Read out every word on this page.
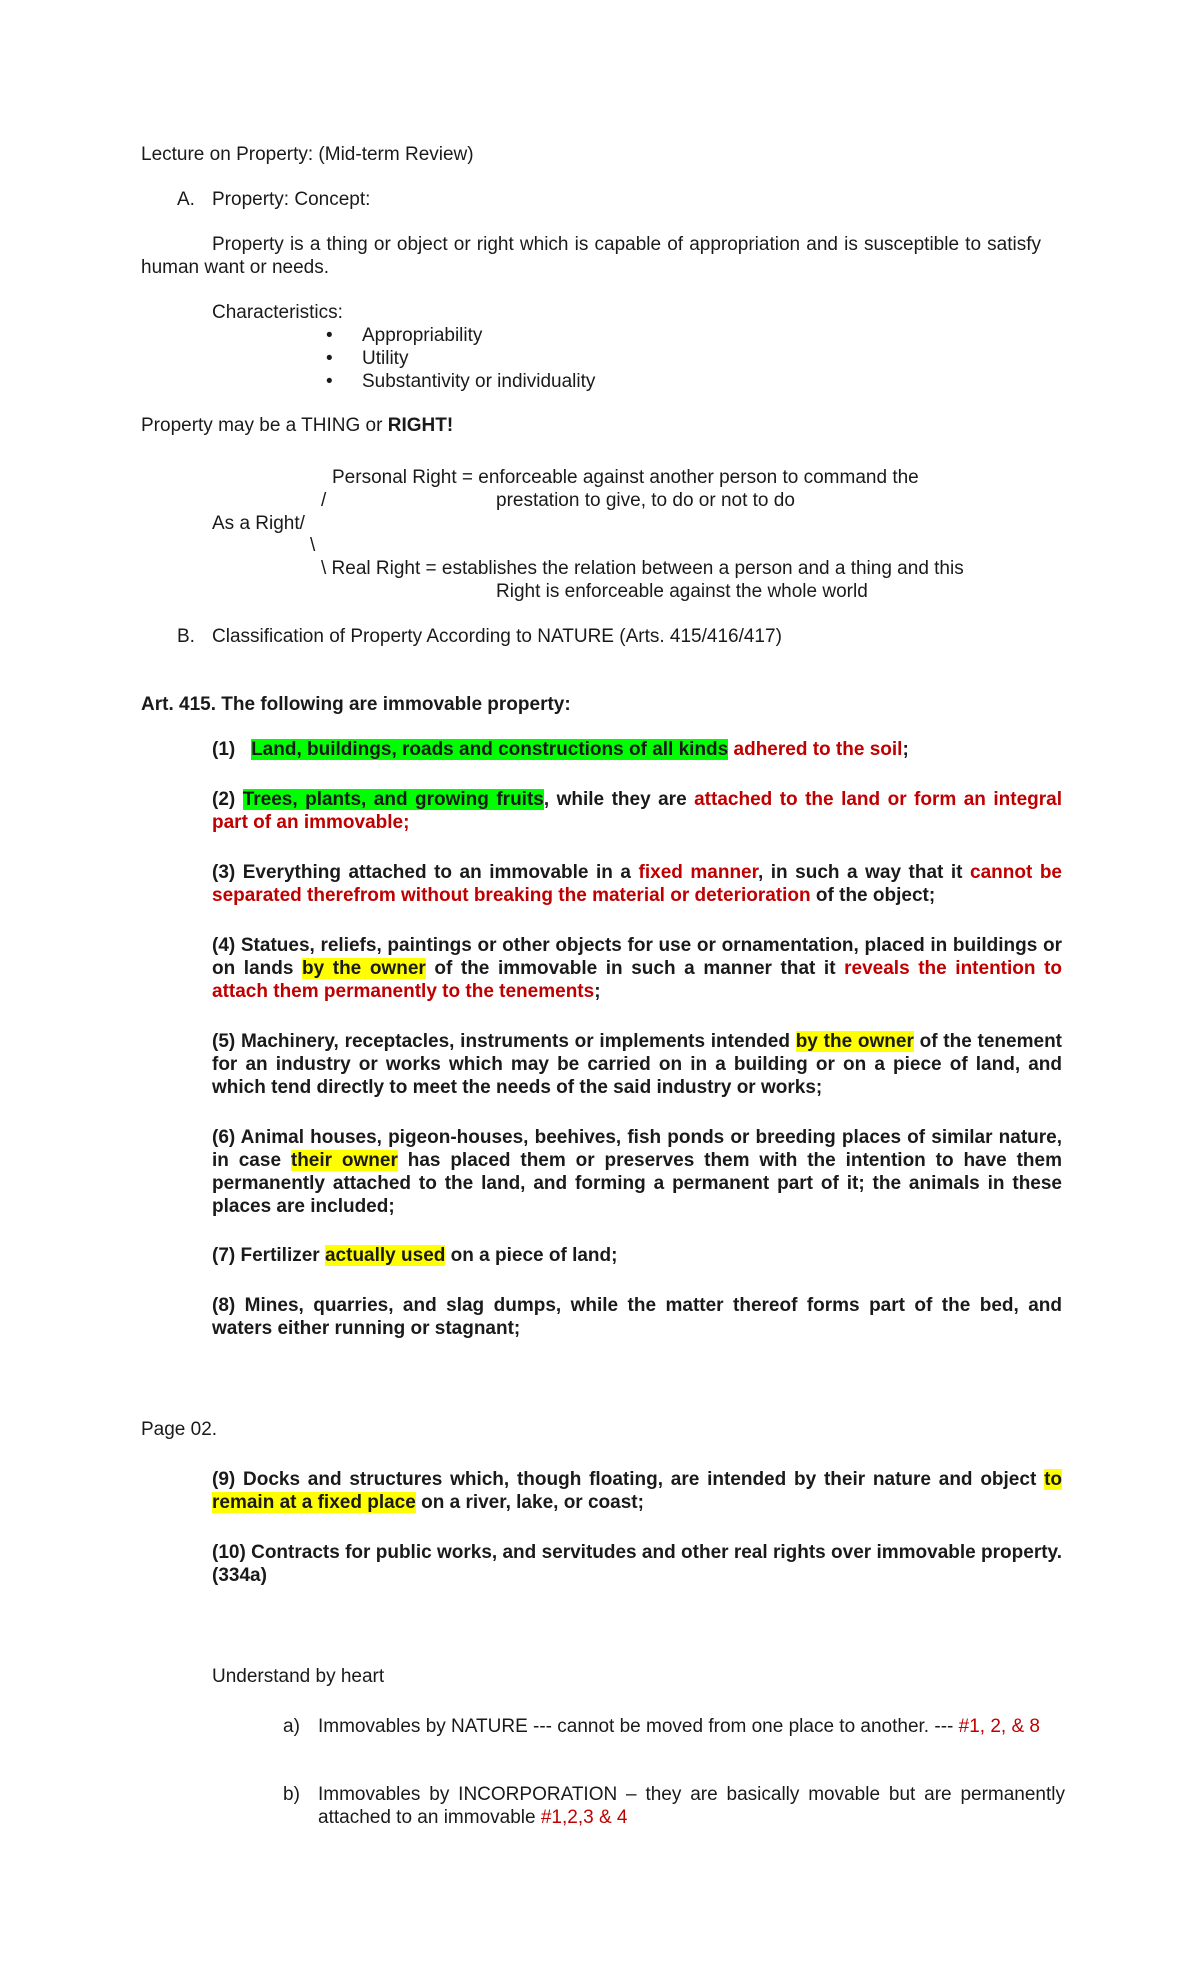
Lecture on Property: (Mid-term Review)
A. Property: Concept:
Property is a thing or object or right which is capable of appropriation and is susceptible to satisfy human want or needs.
Characteristics:
• Appropriability
• Utility
• Substantivity or individuality
Property may be a THING or RIGHT!
Personal Right = enforceable against another person to command the
/	prestation to give, to do or not to do
As a Right/
\
\ Real Right = establishes the relation between a person and a thing and this
Right is enforceable against the whole world
B. Classification of Property According to NATURE (Arts. 415/416/417)
Art. 415. The following are immovable property:
(1) Land, buildings, roads and constructions of all kinds adhered to the soil;
(2) Trees, plants, and growing fruits, while they are attached to the land or form an integral part of an immovable;
(3) Everything attached to an immovable in a fixed manner, in such a way that it cannot be separated therefrom without breaking the material or deterioration of the object;
(4) Statues, reliefs, paintings or other objects for use or ornamentation, placed in buildings or on lands by the owner of the immovable in such a manner that it reveals the intention to attach them permanently to the tenements;
(5) Machinery, receptacles, instruments or implements intended by the owner of the tenement for an industry or works which may be carried on in a building or on a piece of land, and which tend directly to meet the needs of the said industry or works;
(6) Animal houses, pigeon-houses, beehives, fish ponds or breeding places of similar nature, in case their owner has placed them or preserves them with the intention to have them permanently attached to the land, and forming a permanent part of it; the animals in these places are included;
(7) Fertilizer actually used on a piece of land;
(8) Mines, quarries, and slag dumps, while the matter thereof forms part of the bed, and waters either running or stagnant;
Page 02.
(9) Docks and structures which, though floating, are intended by their nature and object to remain at a fixed place on a river, lake, or coast;
(10) Contracts for public works, and servitudes and other real rights over immovable property. (334a)
Understand by heart
a) Immovables by NATURE --- cannot be moved from one place to another. --- #1, 2, & 8
b) Immovables by INCORPORATION – they are basically movable but are permanently attached to an immovable #1,2,3 & 4
